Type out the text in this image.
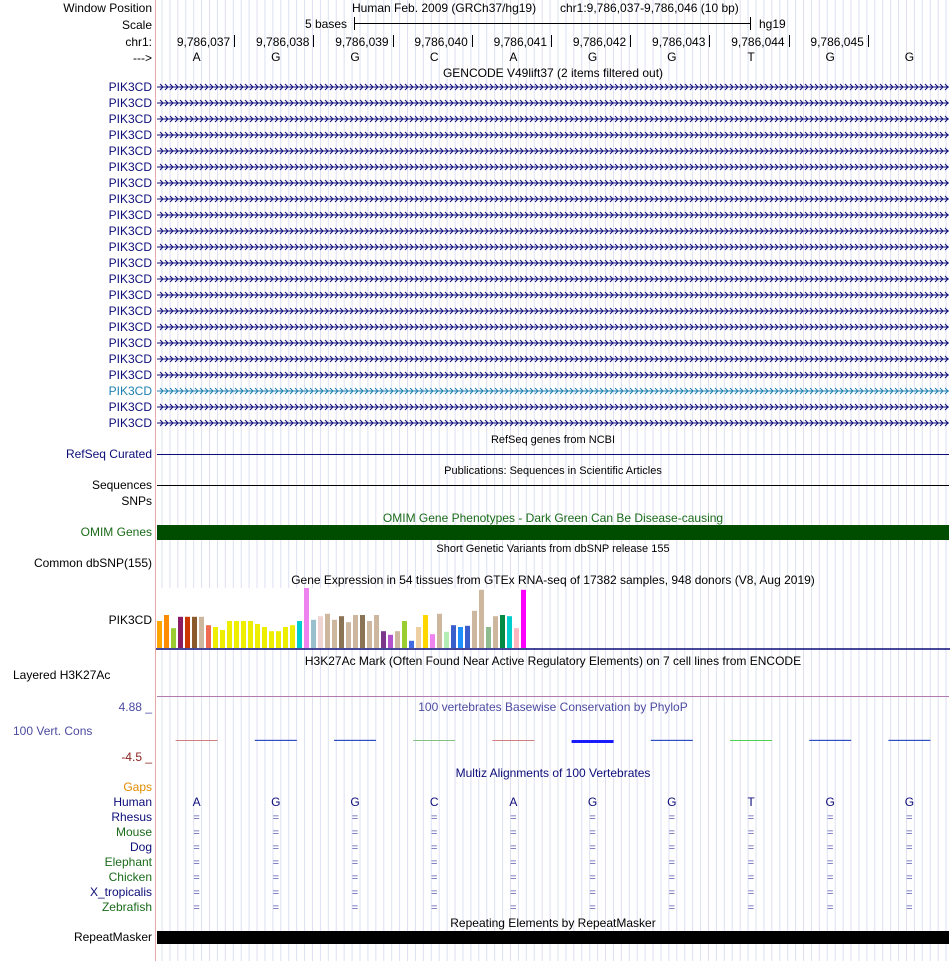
Window Position	Human Feb. 2009 (GRCh37/hg19) chr1:9,786,037-9,786,046 (10 bp)
Scale	5 bases	hg19
chr1: 9,786,037 9,786,038 9,786,039 9,786,040 9,786,041 9,786,042 9,786,043 9,786,044 9,786,045
--->	A	G	G	C	A	G	G	T	G	G
GENCODE V49lift37 (2 items filtered out)
PIK3CD
PIK3CD
PIK3CD
PIK3CD
PIK3CD
PIK3CD
PIK3CD
PIK3CD
PIK3CD
PIK3CD
PIK3CD
PIK3CD
PIK3CD
PIK3CD
PIK3CD
PIK3CD
PIK3CD
PIK3CD
PIK3CD
PIK3CD
PIK3CD
PIK3CD
RefSeq genes from NCBI
RefSeq Curated
Publications: Sequences in Scientific Articles
Sequences
SNPs
OMIM Gene Phenotypes - Dark Green Can Be Disease-causing
OMIM Genes
Short Genetic Variants from dbSNP release 155
Common dbSNP(155)
Gene Expression in 54 tissues from GTEx RNA-seq of 17382 samples, 948 donors (V8, Aug 2019)
PIK3CD
H3K27Ac Mark (Often Found Near Active Regulatory Elements) on 7 cell lines from ENCODE
Layered H3K27Ac
100 vertebrates Basewise Conservation by PhyloP
4.88 _
100 Vert. Cons
-4.5 _
Multiz Alignments of 100 Vertebrates
Gaps
Human	A	G	G	C	A	G	G	T	G	G
Rhesus	=	=	=	=	=	=	=	=	=	=
Mouse	=	=	=	=	=	=	=	=	=	=
Dog	=	=	=	=	=	=	=	=	=	=
Elephant	=	=	=	=	=	=	=	=	=	=
Chicken	=	=	=	=	=	=	=	=	=	=
X_tropicalis	=	=	=	=	=	=	=	=	=	=
Zebrafish	=	=	=	=	=	=	=	=	=	=
Repeating Elements by RepeatMasker
RepeatMasker
